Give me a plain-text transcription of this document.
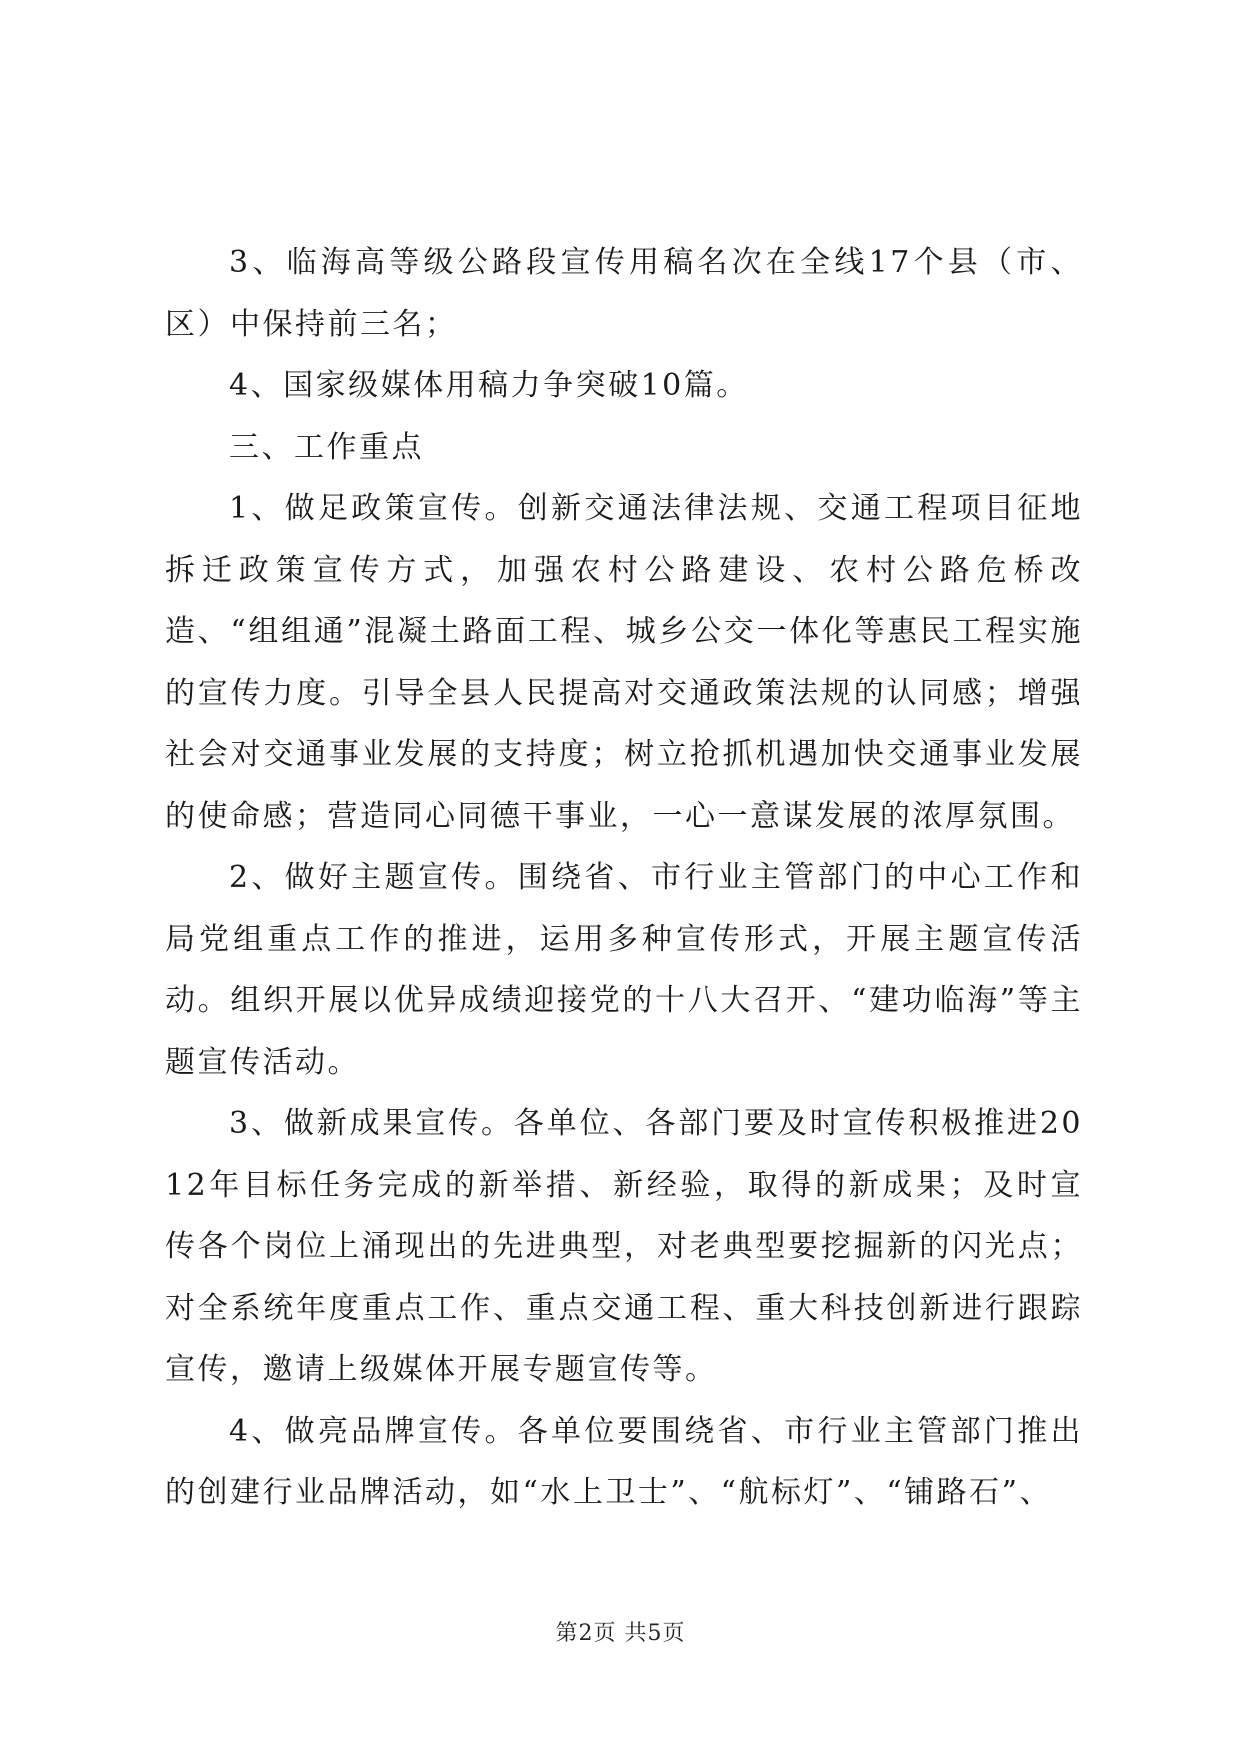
3、临海高等级公路段宣传用稿名次在全线17个县（市、区）中保持前三名；

4、国家级媒体用稿力争突破10篇。

三、工作重点

1、做足政策宣传。创新交通法律法规、交通工程项目征地拆迁政策宣传方式，加强农村公路建设、农村公路危桥改造、“组组通”混凝土路面工程、城乡公交一体化等惠民工程实施的宣传力度。引导全县人民提高对交通政策法规的认同感；增强社会对交通事业发展的支持度；树立抢抓机遇加快交通事业发展的使命感；营造同心同德干事业，一心一意谋发展的浓厚氛围。

2、做好主题宣传。围绕省、市行业主管部门的中心工作和局党组重点工作的推进，运用多种宣传形式，开展主题宣传活动。组织开展以优异成绩迎接党的十八大召开、“建功临海”等主题宣传活动。

3、做新成果宣传。各单位、各部门要及时宣传积极推进2012年目标任务完成的新举措、新经验，取得的新成果；及时宣传各个岗位上涌现出的先进典型，对老典型要挖掘新的闪光点；对全系统年度重点工作、重点交通工程、重大科技创新进行跟踪宣传，邀请上级媒体开展专题宣传等。

4、做亮品牌宣传。各单位要围绕省、市行业主管部门推出的创建行业品牌活动，如“水上卫士”、“航标灯”、“铺路石”、

第2页 共5页
